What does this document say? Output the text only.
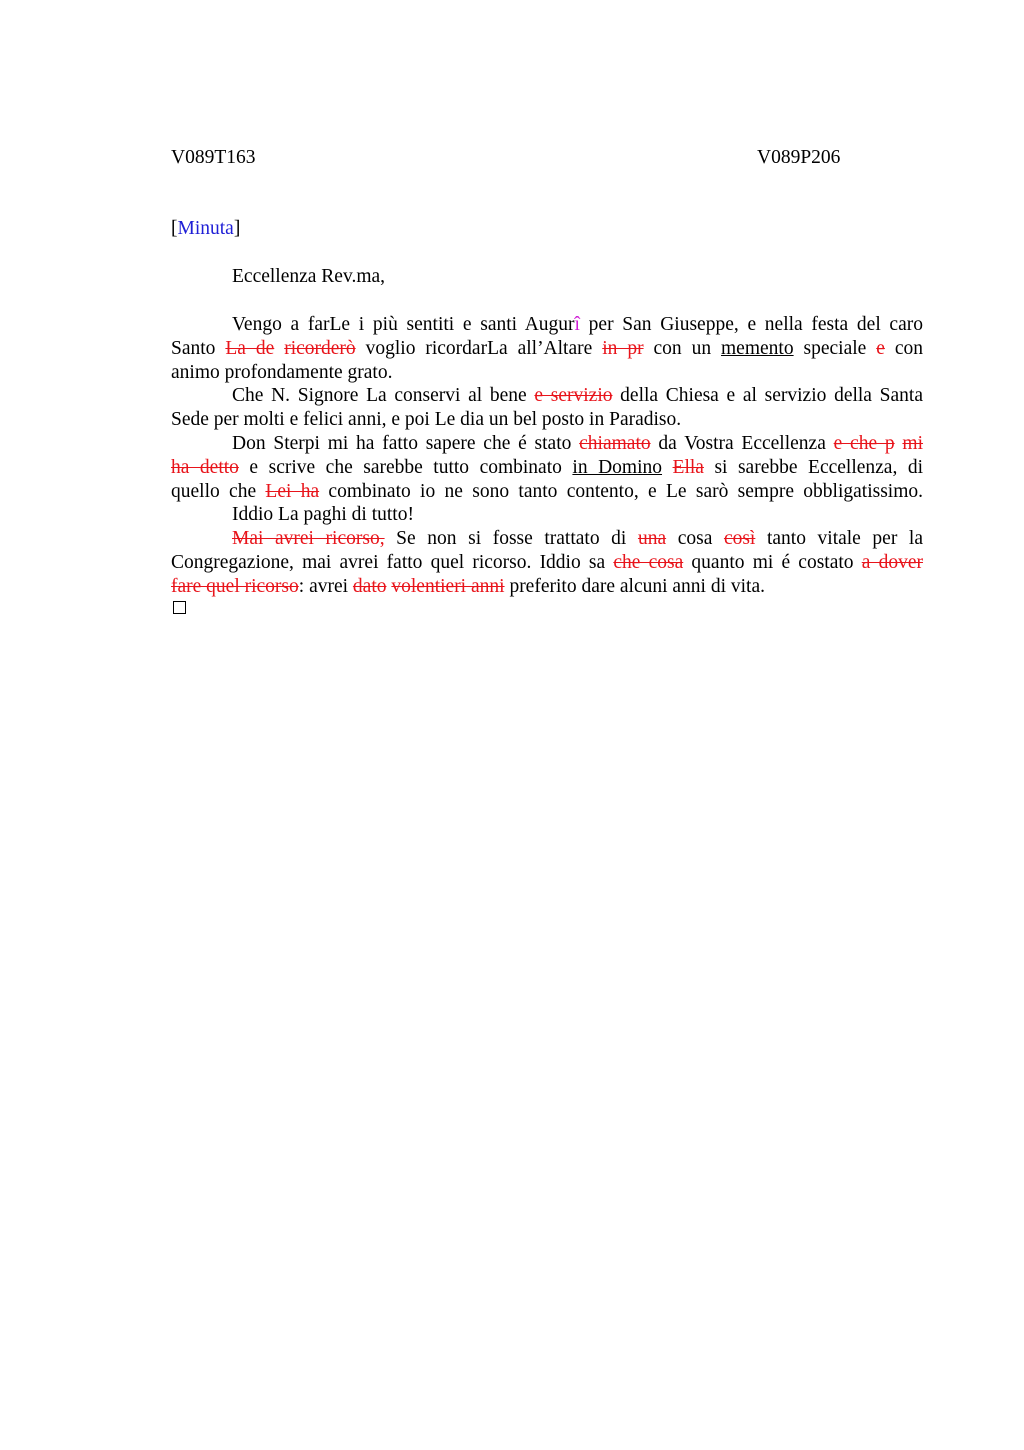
V089T163	V089P206
[Minuta]
Eccellenza Rev.ma,
Vengo a farLe i più sentiti e santi Augurî per San Giuseppe, e nella festa del caro
Santo La de ricorderò voglio ricordarLa all’Altare in pr con un memento speciale e con
animo profondamente grato.
Che N. Signore La conservi al bene e servizio della Chiesa e al servizio della Santa
Sede per molti e felici anni, e poi Le dia un bel posto in Paradiso.
Don Sterpi mi ha fatto sapere che é stato chiamato da Vostra Eccellenza e che p mi
ha detto e scrive che sarebbe tutto combinato in Domino Ella si sarebbe Eccellenza, di
quello che Lei ha combinato io ne sono tanto contento, e Le sarò sempre obbligatissimo.
Iddio La paghi di tutto!
Mai avrei ricorso, Se non si fosse trattato di una cosa così tanto vitale per la
Congregazione, mai avrei fatto quel ricorso. Iddio sa che cosa quanto mi é costato a dover
fare quel ricorso: avrei dato volentieri anni preferito dare alcuni anni di vita.
